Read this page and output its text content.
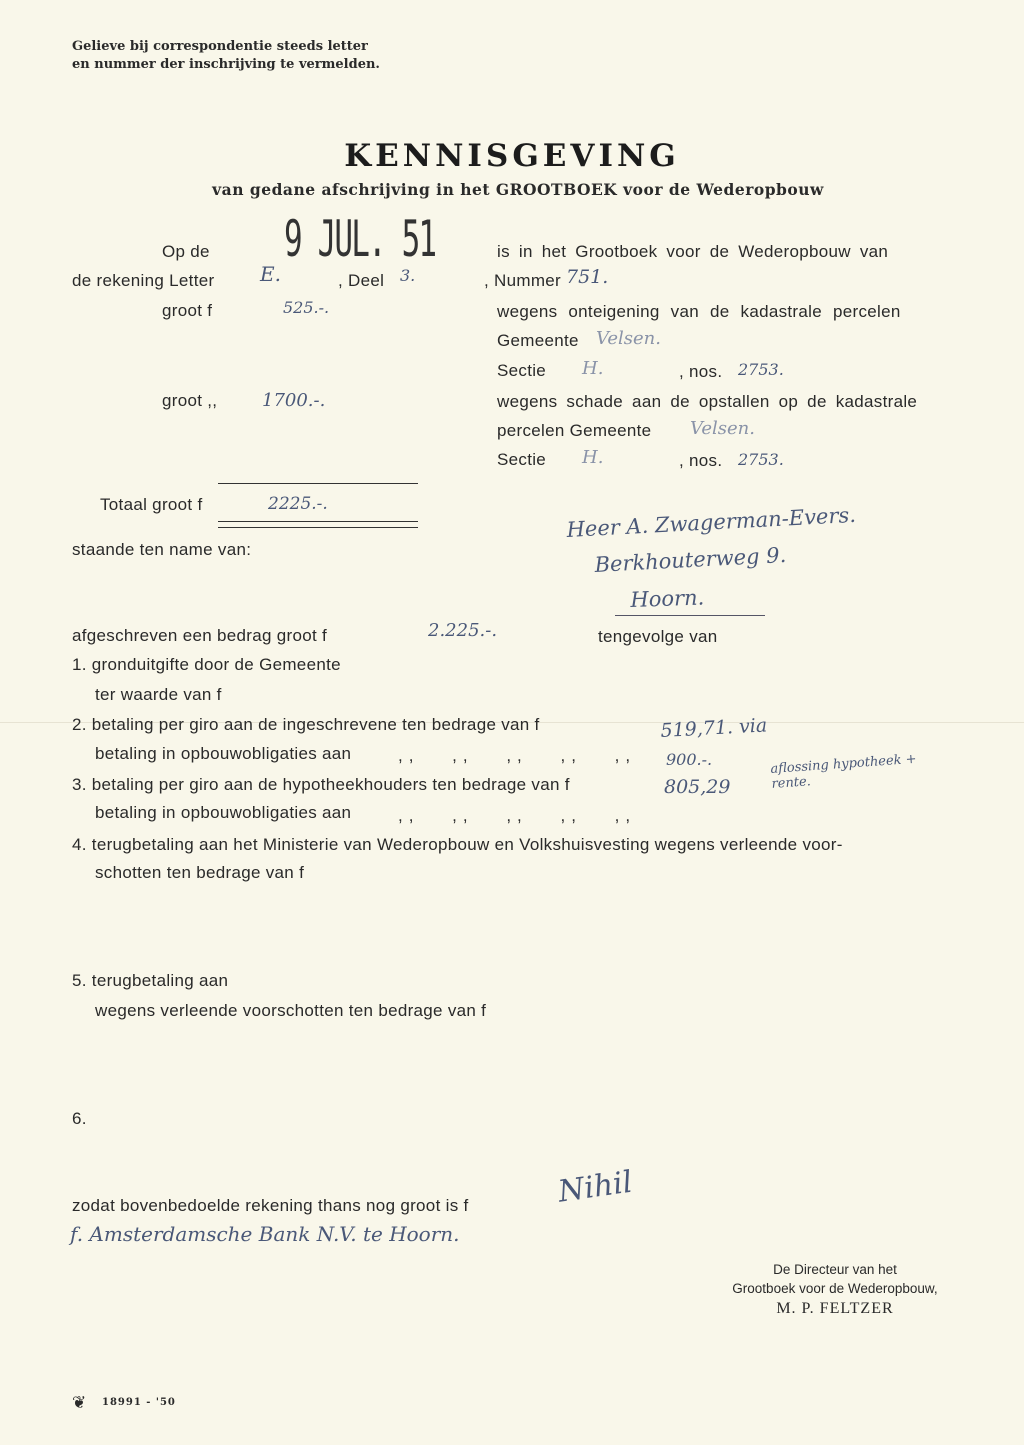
Gelieve bij correspondentie steeds letter
en nummer der inschrijving te vermelden.
KENNISGEVING
van gedane afschrijving in het GROOTBOEK voor de Wederopbouw
Op de 9 JUL. 51	is in het Grootboek voor de Wederopbouw van
de rekening Letter E.	, Deel 3.	, Nummer 751.
groot f	525.-.	wegens onteigening van de kadastrale percelen
Gemeente Velsen.
Sectie H.	, nos. 2753.
groot ,, 1700.-.	wegens schade aan de opstallen op de kadastrale
percelen Gemeente Velsen.
Sectie H.	, nos. 2753.
Totaal groot f	2225.-.
staande ten name van:
Heer A. Zwagerman-Evers.
Berkhouterweg 9.
Hoorn.
afgeschreven een bedrag groot f	2.225.-.	tengevolge van
1. gronduitgifte door de Gemeente
ter waarde van f
2. betaling per giro aan de ingeschrevene ten bedrage van f	519,71. via
betaling in opbouwobligaties aan	,, ,, ,, ,, ,, 900.-.
3. betaling per giro aan de hypotheekhouders ten bedrage van f	805,29
aflossing hypotheek + rente.
betaling in opbouwobligaties aan	,, ,, ,, ,, ,,
4. terugbetaling aan het Ministerie van Wederopbouw en Volkshuisvesting wegens verleende voor-
schotten ten bedrage van f
5. terugbetaling aan
wegens verleende voorschotten ten bedrage van f
6.
zodat bovenbedoelde rekening thans nog groot is f	Nihil
f. Amsterdamsche Bank N.V. te Hoorn.
De Directeur van het
Grootboek voor de Wederopbouw,
M. P. FELTZER
❦ 18991 - '50
